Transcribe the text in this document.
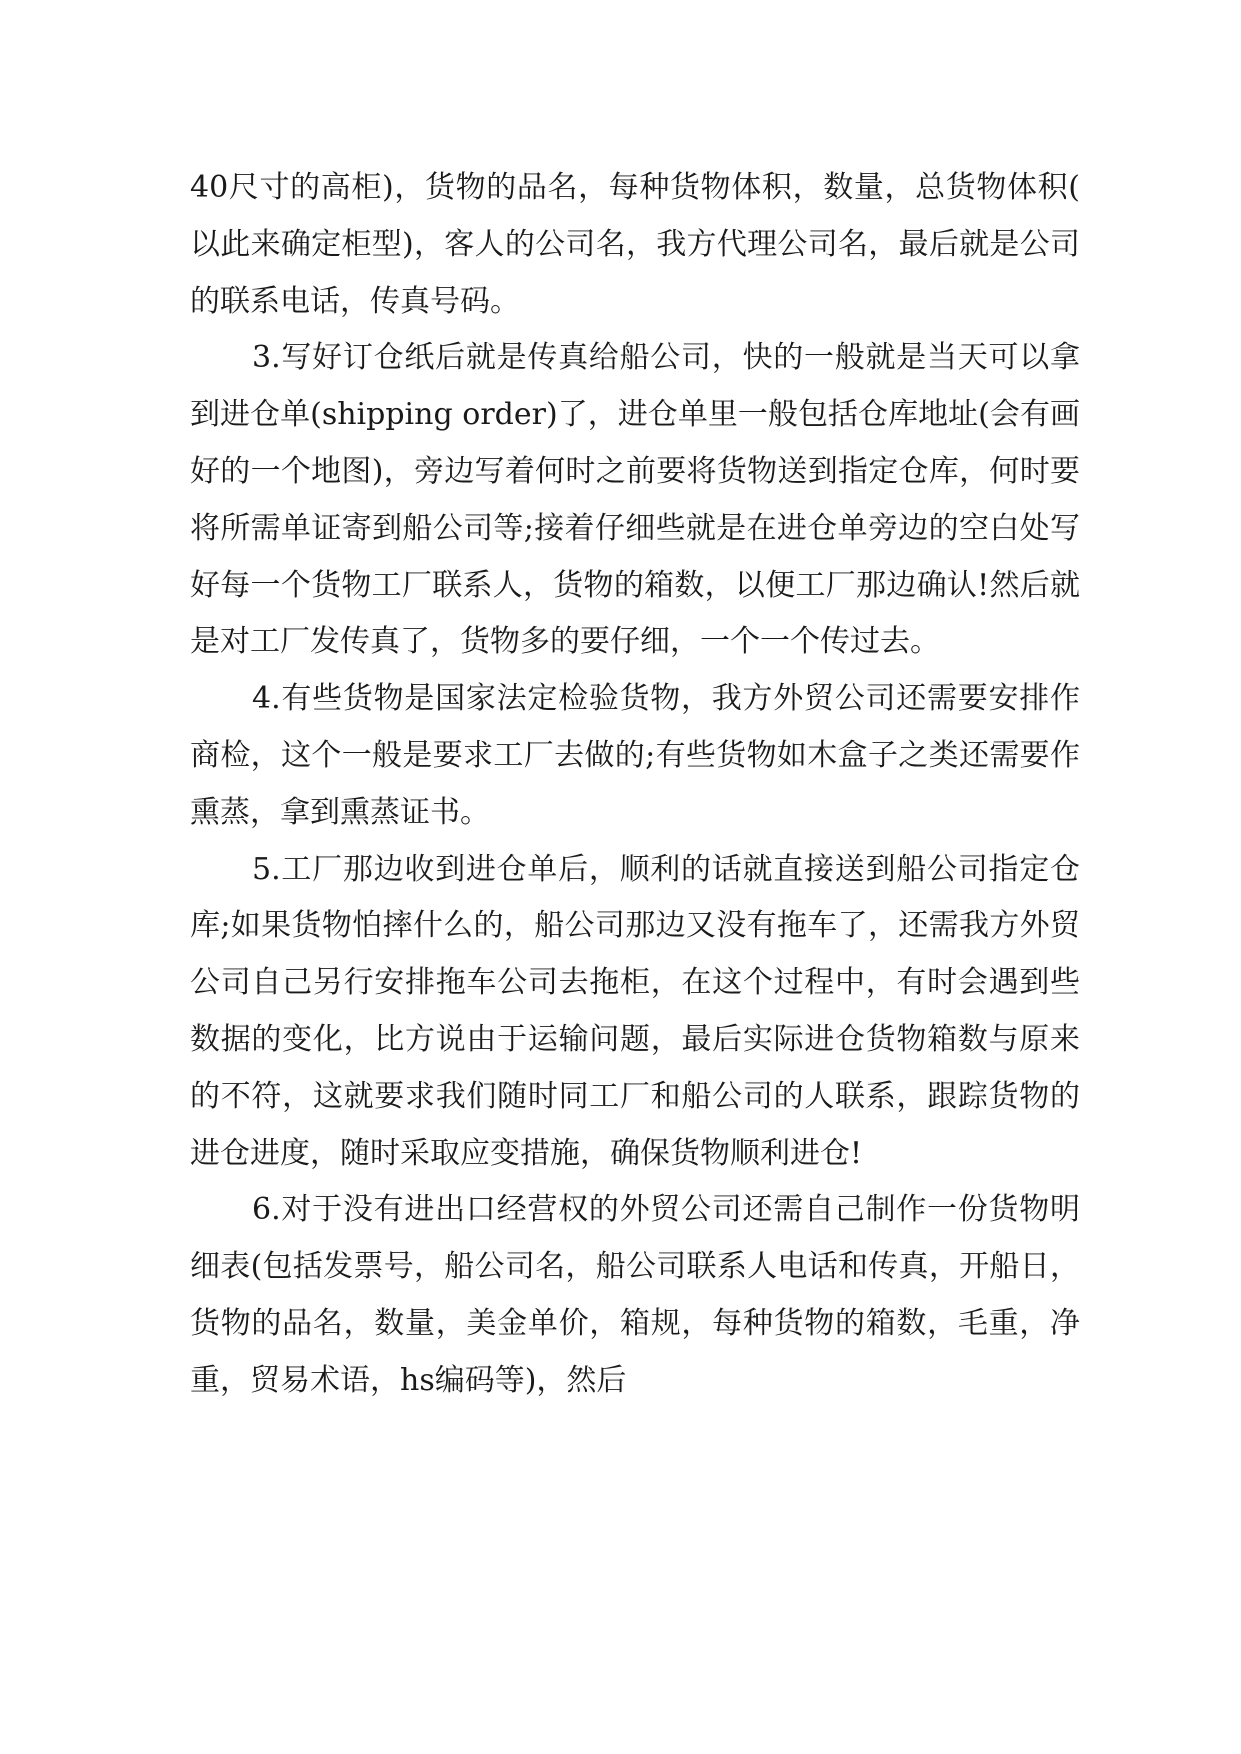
40尺寸的高柜)，货物的品名，每种货物体积，数量，总货物体积(以此来确定柜型)，客人的公司名，我方代理公司名，最后就是公司的联系电话，传真号码。

3.写好订仓纸后就是传真给船公司，快的一般就是当天可以拿到进仓单(shipping order)了，进仓单里一般包括仓库地址(会有画好的一个地图)，旁边写着何时之前要将货物送到指定仓库，何时要将所需单证寄到船公司等;接着仔细些就是在进仓单旁边的空白处写好每一个货物工厂联系人，货物的箱数，以便工厂那边确认!然后就是对工厂发传真了，货物多的要仔细，一个一个传过去。

4.有些货物是国家法定检验货物，我方外贸公司还需要安排作商检，这个一般是要求工厂去做的;有些货物如木盒子之类还需要作熏蒸，拿到熏蒸证书。

5.工厂那边收到进仓单后，顺利的话就直接送到船公司指定仓库;如果货物怕摔什么的，船公司那边又没有拖车了，还需我方外贸公司自己另行安排拖车公司去拖柜，在这个过程中，有时会遇到些数据的变化，比方说由于运输问题，最后实际进仓货物箱数与原来的不符，这就要求我们随时同工厂和船公司的人联系，跟踪货物的进仓进度，随时采取应变措施，确保货物顺利进仓!

6.对于没有进出口经营权的外贸公司还需自己制作一份货物明细表(包括发票号，船公司名，船公司联系人电话和传真，开船日，货物的品名，数量，美金单价，箱规，每种货物的箱数，毛重，净重，贸易术语，hs编码等)，然后
